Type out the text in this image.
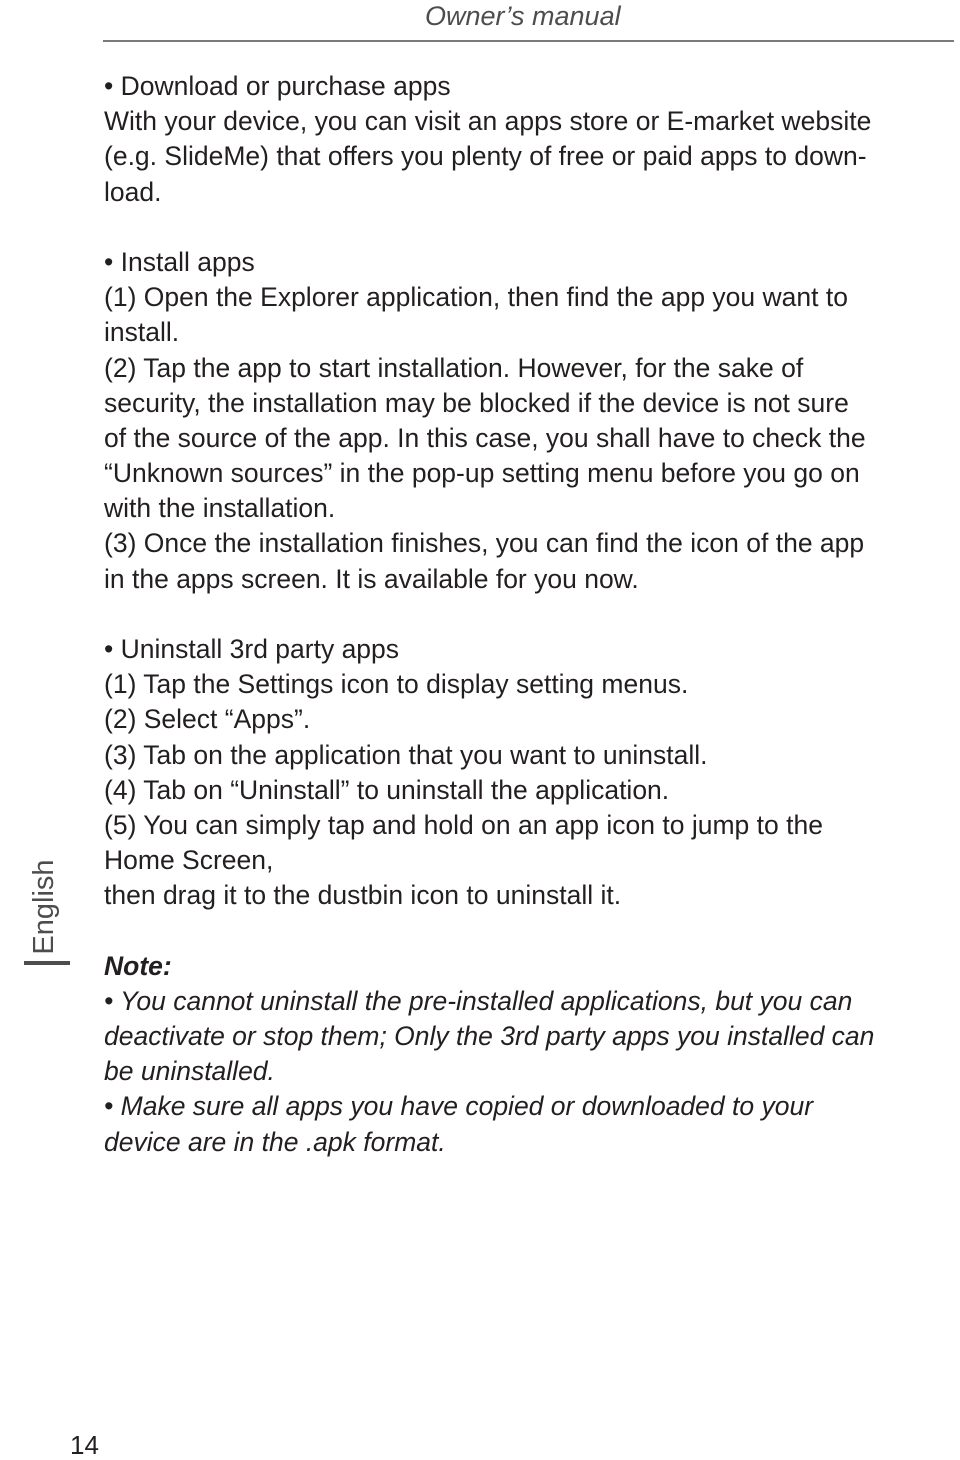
Owner’s manual
• Download or purchase apps
With your device, you can visit an apps store or E-market website
(e.g. SlideMe) that offers you plenty of free or paid apps to down-
load.
• Install apps
(1) Open the Explorer application, then find the app you want to
install.
(2) Tap the app to start installation. However, for the sake of
security, the installation may be blocked if the device is not sure
of the source of the app. In this case, you shall have to check the
“Unknown sources” in the pop-up setting menu before you go on
with the installation.
(3) Once the installation finishes, you can find the icon of the app
in the apps screen. It is available for you now.
• Uninstall 3rd party apps
(1) Tap the Settings icon to display setting menus.
(2) Select “Apps”.
(3) Tab on the application that you want to uninstall.
(4) Tab on “Uninstall” to uninstall the application.
(5) You can simply tap and hold on an app icon to jump to the
Home Screen,
then drag it to the dustbin icon to uninstall it.
Note:
• You cannot uninstall the pre-installed applications, but you can
deactivate or stop them; Only the 3rd party apps you installed can
be uninstalled.
• Make sure all apps you have copied or downloaded to your
device are in the .apk format.
English
14
